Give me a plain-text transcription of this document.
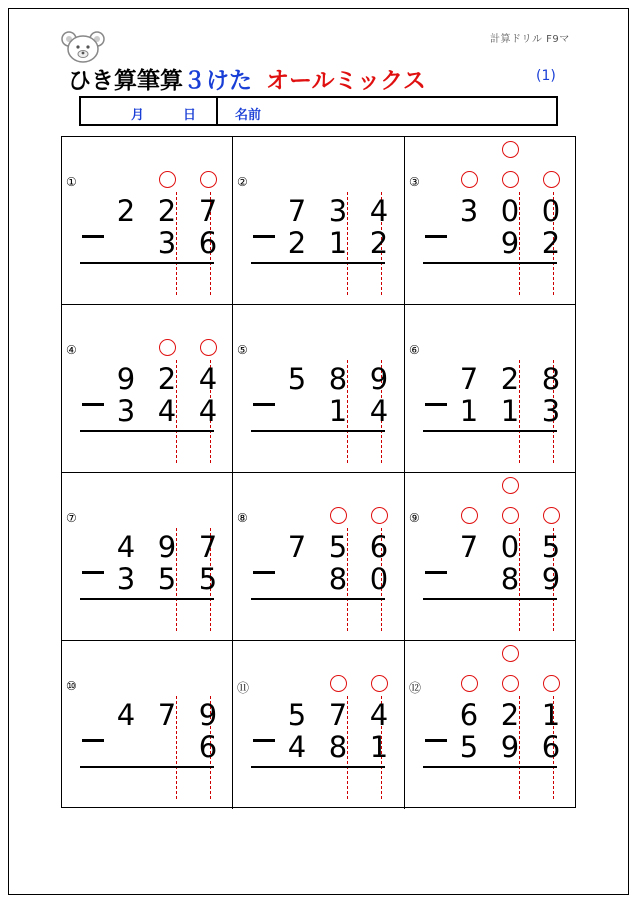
計算ドリル F9マ
ひき算筆算３けた オールミックス	(1)
月	日	名前
①
2 2 7
3 6
②
7 3 4
2 1 2
③
3 0 0
9 2
④
9 2 4
3 4 4
⑤
5 8 9
1 4
⑥
7 2 8
1 1 3
⑦
4 9 7
3 5 5
⑧
7 5 6
8 0
⑨
7 0 5
8 9
⑩
4 7 9
6
⑪
5 7 4
4 8 1
⑫
6 2 1
5 9 6
